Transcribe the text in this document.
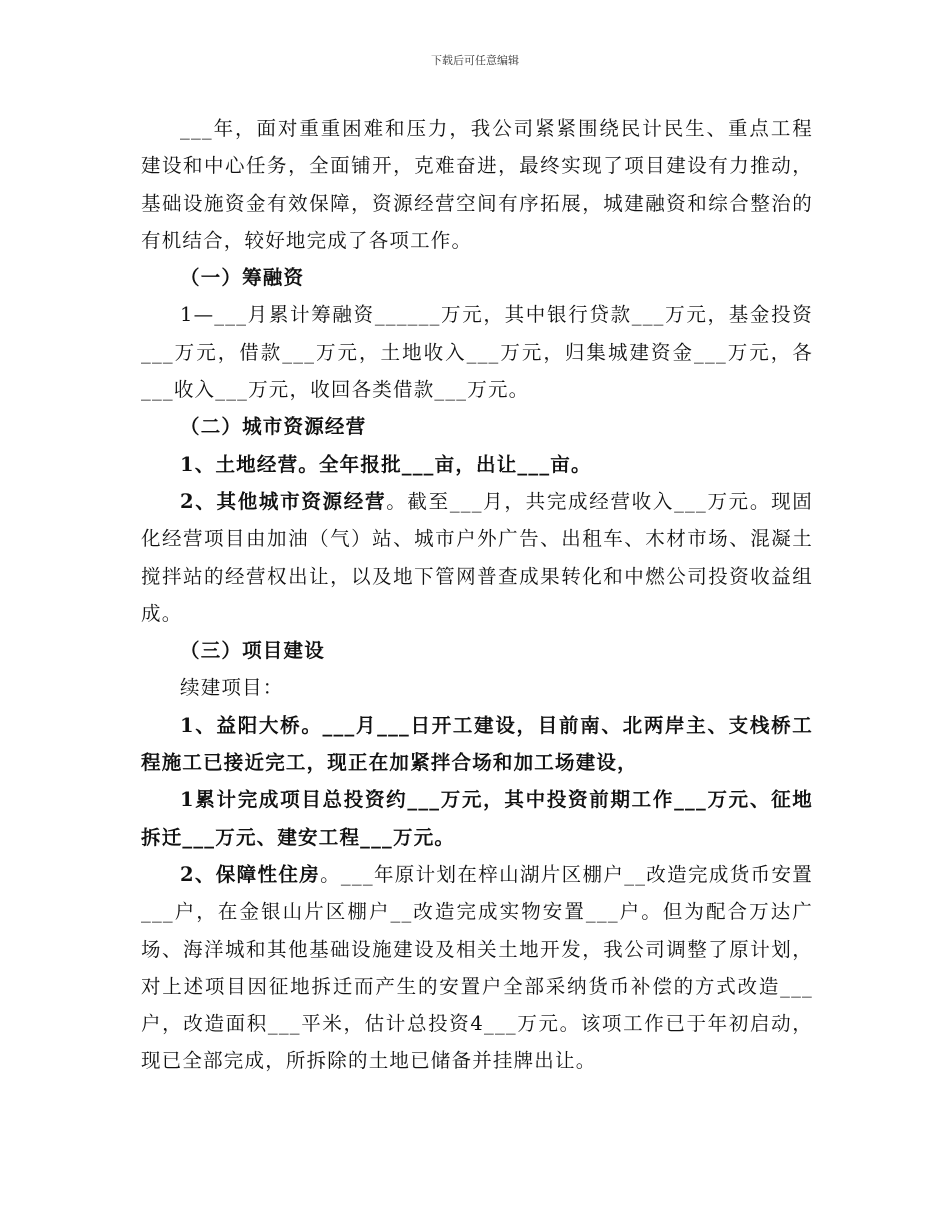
下载后可任意编辑

___年，面对重重困难和压力，我公司紧紧围绕民计民生、重点工程建设和中心任务，全面铺开，克难奋进，最终实现了项目建设有力推动，基础设施资金有效保障，资源经营空间有序拓展，城建融资和综合整治的有机结合，较好地完成了各项工作。

（一）筹融资

1—___月累计筹融资______万元，其中银行贷款___万元，基金投资___万元，借款___万元，土地收入___万元，归集城建资金___万元，各___收入___万元，收回各类借款___万元。

（二）城市资源经营

1、土地经营。全年报批___亩，出让___亩。

2、其他城市资源经营。截至___月，共完成经营收入___万元。现固化经营项目由加油（气）站、城市户外广告、出租车、木材市场、混凝土搅拌站的经营权出让，以及地下管网普查成果转化和中燃公司投资收益组成。

（三）项目建设

续建项目：

1、益阳大桥。___月___日开工建设，目前南、北两岸主、支栈桥工程施工已接近完工，现正在加紧拌合场和加工场建设，

1累计完成项目总投资约___万元，其中投资前期工作___万元、征地拆迁___万元、建安工程___万元。

2、保障性住房。___年原计划在梓山湖片区棚户__改造完成货币安置___户，在金银山片区棚户__改造完成实物安置___户。但为配合万达广场、海洋城和其他基础设施建设及相关土地开发，我公司调整了原计划，对上述项目因征地拆迁而产生的安置户全部采纳货币补偿的方式改造___户，改造面积___平米，估计总投资4___万元。该项工作已于年初启动，现已全部完成，所拆除的土地已储备并挂牌出让。
